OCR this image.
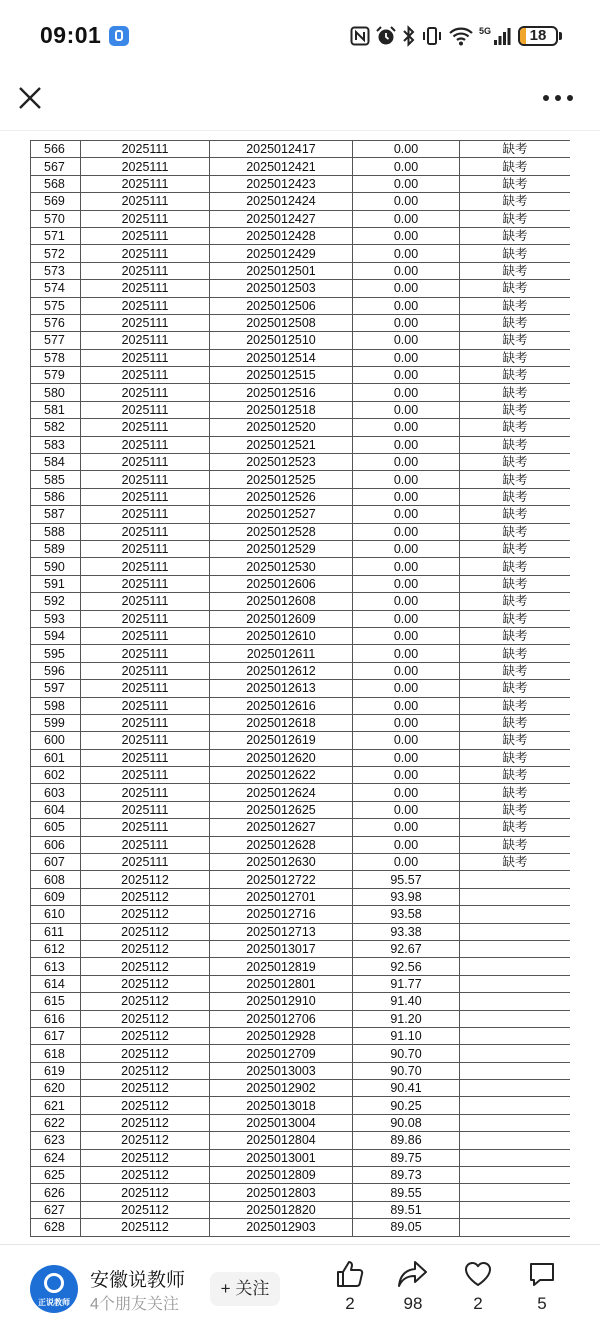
09:01	5G	18
566	2025111	2025012417	0.00	缺考
567	2025111	2025012421	0.00	缺考
568	2025111	2025012423	0.00	缺考
569	2025111	2025012424	0.00	缺考
570	2025111	2025012427	0.00	缺考
571	2025111	2025012428	0.00	缺考
572	2025111	2025012429	0.00	缺考
573	2025111	2025012501	0.00	缺考
574	2025111	2025012503	0.00	缺考
575	2025111	2025012506	0.00	缺考
576	2025111	2025012508	0.00	缺考
577	2025111	2025012510	0.00	缺考
578	2025111	2025012514	0.00	缺考
579	2025111	2025012515	0.00	缺考
580	2025111	2025012516	0.00	缺考
581	2025111	2025012518	0.00	缺考
582	2025111	2025012520	0.00	缺考
583	2025111	2025012521	0.00	缺考
584	2025111	2025012523	0.00	缺考
585	2025111	2025012525	0.00	缺考
586	2025111	2025012526	0.00	缺考
587	2025111	2025012527	0.00	缺考
588	2025111	2025012528	0.00	缺考
589	2025111	2025012529	0.00	缺考
590	2025111	2025012530	0.00	缺考
591	2025111	2025012606	0.00	缺考
592	2025111	2025012608	0.00	缺考
593	2025111	2025012609	0.00	缺考
594	2025111	2025012610	0.00	缺考
595	2025111	2025012611	0.00	缺考
596	2025111	2025012612	0.00	缺考
597	2025111	2025012613	0.00	缺考
598	2025111	2025012616	0.00	缺考
599	2025111	2025012618	0.00	缺考
600	2025111	2025012619	0.00	缺考
601	2025111	2025012620	0.00	缺考
602	2025111	2025012622	0.00	缺考
603	2025111	2025012624	0.00	缺考
604	2025111	2025012625	0.00	缺考
605	2025111	2025012627	0.00	缺考
606	2025111	2025012628	0.00	缺考
607	2025111	2025012630	0.00	缺考
608	2025112	2025012722	95.57	
609	2025112	2025012701	93.98	
610	2025112	2025012716	93.58	
611	2025112	2025012713	93.38	
612	2025112	2025013017	92.67	
613	2025112	2025012819	92.56	
614	2025112	2025012801	91.77	
615	2025112	2025012910	91.40	
616	2025112	2025012706	91.20	
617	2025112	2025012928	91.10	
618	2025112	2025012709	90.70	
619	2025112	2025013003	90.70	
620	2025112	2025012902	90.41	
621	2025112	2025013018	90.25	
622	2025112	2025013004	90.08	
623	2025112	2025012804	89.86	
624	2025112	2025013001	89.75	
625	2025112	2025012809	89.73	
626	2025112	2025012803	89.55	
627	2025112	2025012820	89.51	
628	2025112	2025012903	89.05	
正说教师
安徽说教师
4个朋友关注
+ 关注
2	98	2	5
